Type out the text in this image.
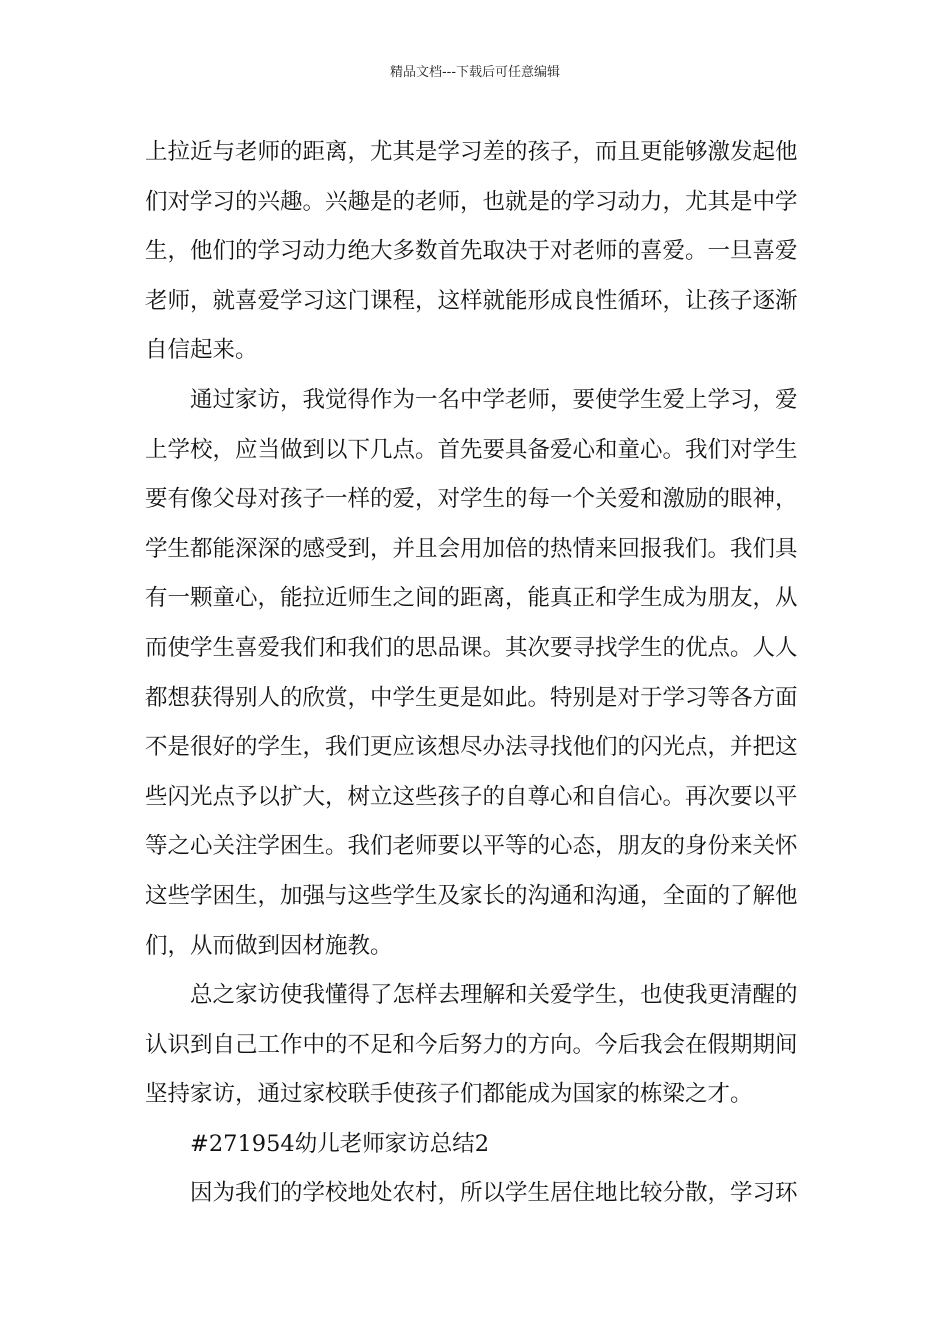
精品文档---下载后可任意编辑
上拉近与老师的距离，尤其是学习差的孩子，而且更能够激发起他
们对学习的兴趣。兴趣是的老师，也就是的学习动力，尤其是中学
生，他们的学习动力绝大多数首先取决于对老师的喜爱。一旦喜爱
老师，就喜爱学习这门课程，这样就能形成良性循环，让孩子逐渐
自信起来。
通过家访，我觉得作为一名中学老师，要使学生爱上学习，爱
上学校，应当做到以下几点。首先要具备爱心和童心。我们对学生
要有像父母对孩子一样的爱，对学生的每一个关爱和激励的眼神，
学生都能深深的感受到，并且会用加倍的热情来回报我们。我们具
有一颗童心，能拉近师生之间的距离，能真正和学生成为朋友，从
而使学生喜爱我们和我们的思品课。其次要寻找学生的优点。人人
都想获得别人的欣赏，中学生更是如此。特别是对于学习等各方面
不是很好的学生，我们更应该想尽办法寻找他们的闪光点，并把这
些闪光点予以扩大，树立这些孩子的自尊心和自信心。再次要以平
等之心关注学困生。我们老师要以平等的心态，朋友的身份来关怀
这些学困生，加强与这些学生及家长的沟通和沟通，全面的了解他
们，从而做到因材施教。
总之家访使我懂得了怎样去理解和关爱学生，也使我更清醒的
认识到自己工作中的不足和今后努力的方向。今后我会在假期期间
坚持家访，通过家校联手使孩子们都能成为国家的栋梁之才。
#271954幼儿老师家访总结2
因为我们的学校地处农村，所以学生居住地比较分散，学习环
